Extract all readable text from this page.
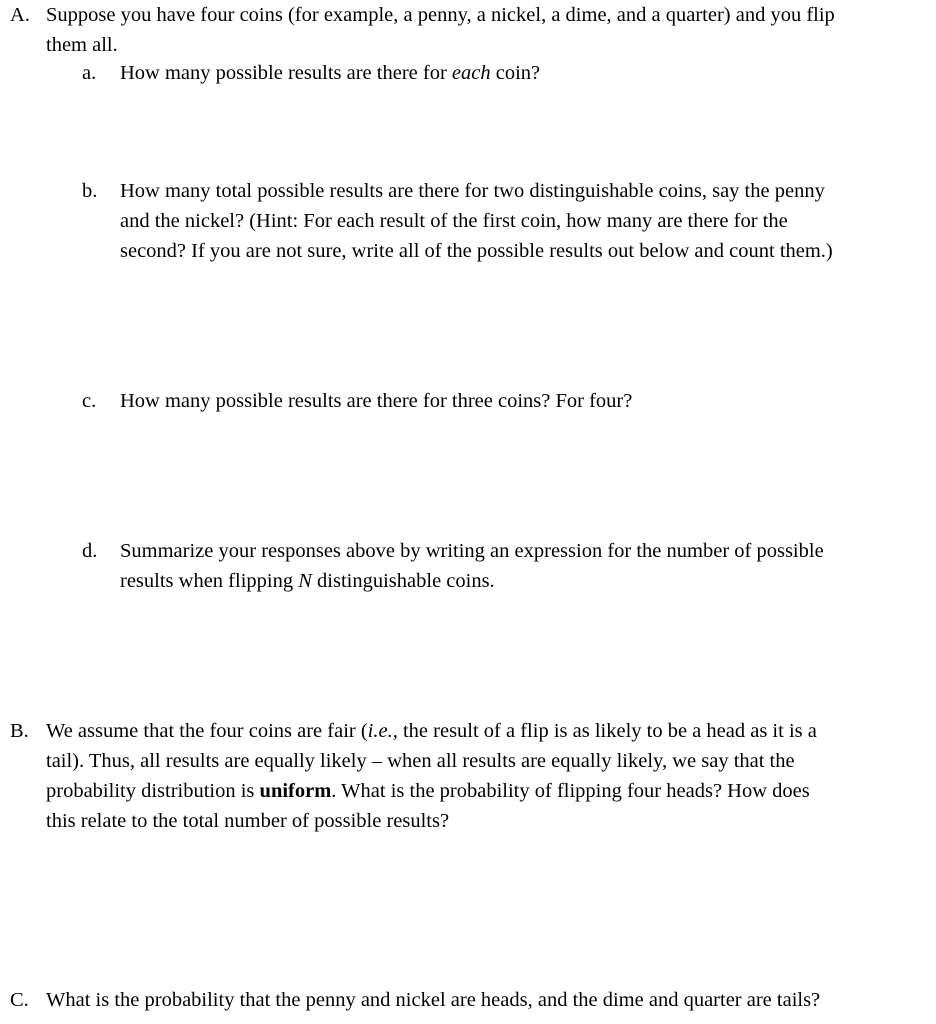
A. Suppose you have four coins (for example, a penny, a nickel, a dime, and a quarter) and you flip
them all.
a. How many possible results are there for each coin?
b. How many total possible results are there for two distinguishable coins, say the penny
and the nickel? (Hint: For each result of the first coin, how many are there for the
second? If you are not sure, write all of the possible results out below and count them.)
c. How many possible results are there for three coins? For four?
d. Summarize your responses above by writing an expression for the number of possible
results when flipping N distinguishable coins.
B. We assume that the four coins are fair (i.e., the result of a flip is as likely to be a head as it is a
tail). Thus, all results are equally likely – when all results are equally likely, we say that the
probability distribution is uniform. What is the probability of flipping four heads? How does
this relate to the total number of possible results?
C. What is the probability that the penny and nickel are heads, and the dime and quarter are tails?
